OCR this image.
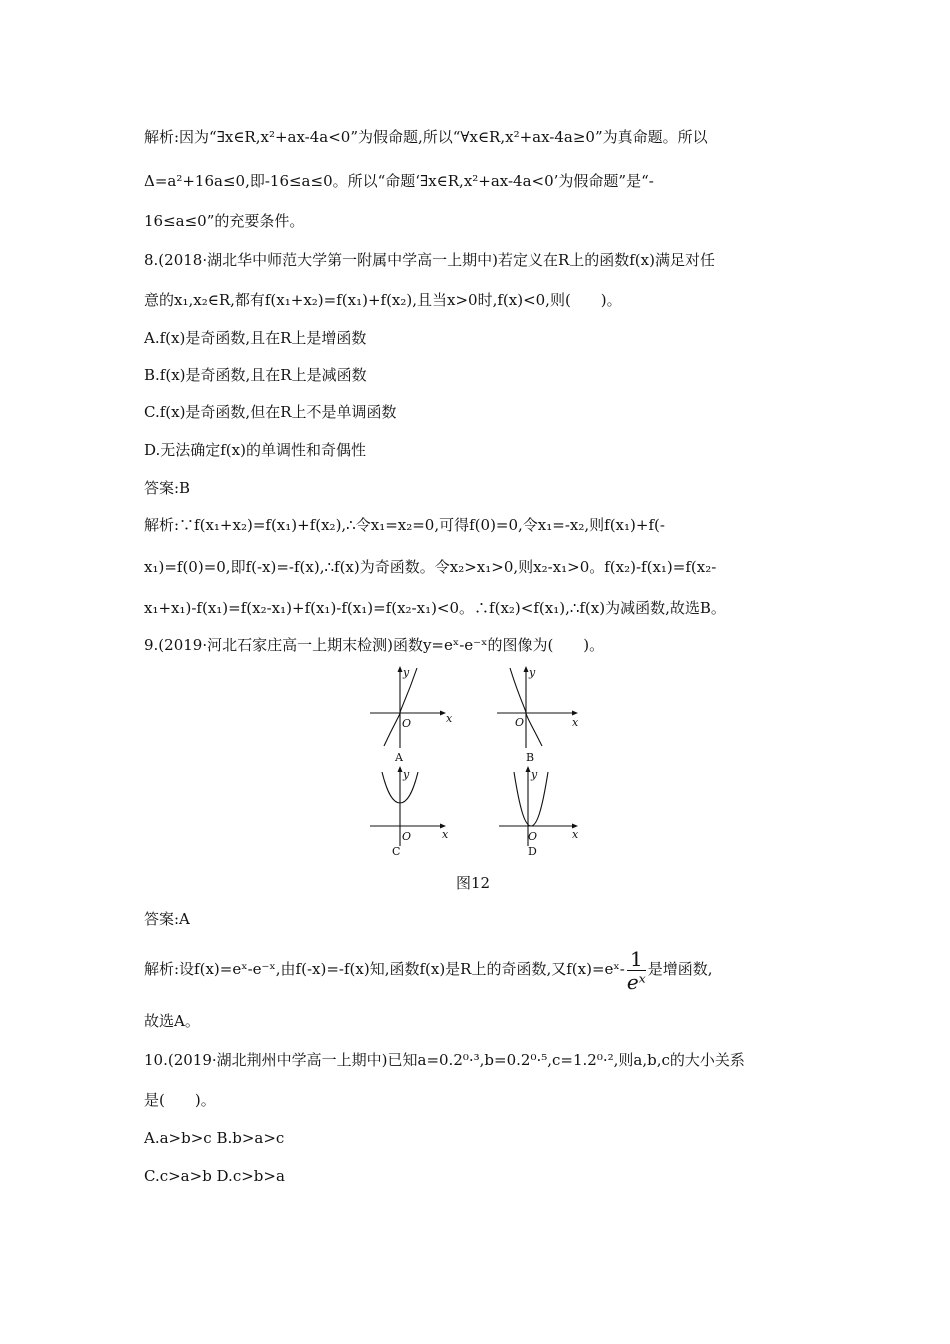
解析:因为“∃x∈R,x²+ax-4a<0”为假命题,所以“∀x∈R,x²+ax-4a≥0”为真命题。所以
Δ=a²+16a≤0,即-16≤a≤0。所以“命题‘∃x∈R,x²+ax-4a<0’为假命题”是“-
16≤a≤0”的充要条件。
8.(2018·湖北华中师范大学第一附属中学高一上期中)若定义在R上的函数f(x)满足对任
意的x₁,x₂∈R,都有f(x₁+x₂)=f(x₁)+f(x₂),且当x>0时,f(x)<0,则(　　)。
A.f(x)是奇函数,且在R上是增函数
B.f(x)是奇函数,且在R上是减函数
C.f(x)是奇函数,但在R上不是单调函数
D.无法确定f(x)的单调性和奇偶性
答案:B
解析:∵f(x₁+x₂)=f(x₁)+f(x₂),∴令x₁=x₂=0,可得f(0)=0,令x₁=-x₂,则f(x₁)+f(-
x₁)=f(0)=0,即f(-x)=-f(x),∴f(x)为奇函数。令x₂>x₁>0,则x₂-x₁>0。f(x₂)-f(x₁)=f(x₂-
x₁+x₁)-f(x₁)=f(x₂-x₁)+f(x₁)-f(x₁)=f(x₂-x₁)<0。∴f(x₂)<f(x₁),∴f(x)为减函数,故选B。
9.(2019·河北石家庄高一上期末检测)函数y=eˣ-e⁻ˣ的图像为(　　)。
y
x
O
A
y
x
O
B
y
x
O
C
y
x
O
D
图12
答案:A
解析:设f(x)=eˣ-e⁻ˣ,由f(-x)=-f(x)知,函数f(x)是R上的奇函数,又f(x)=eˣ- $\frac{1}{\text{eˣ}}$ 是增函数,
故选A。
10.(2019·湖北荆州中学高一上期中)已知a=0.2⁰·³,b=0.2⁰·⁵,c=1.2⁰·²,则a,b,c的大小关系
是(　　)。
A.a>b>c B.b>a>c
C.c>a>b D.c>b>a
